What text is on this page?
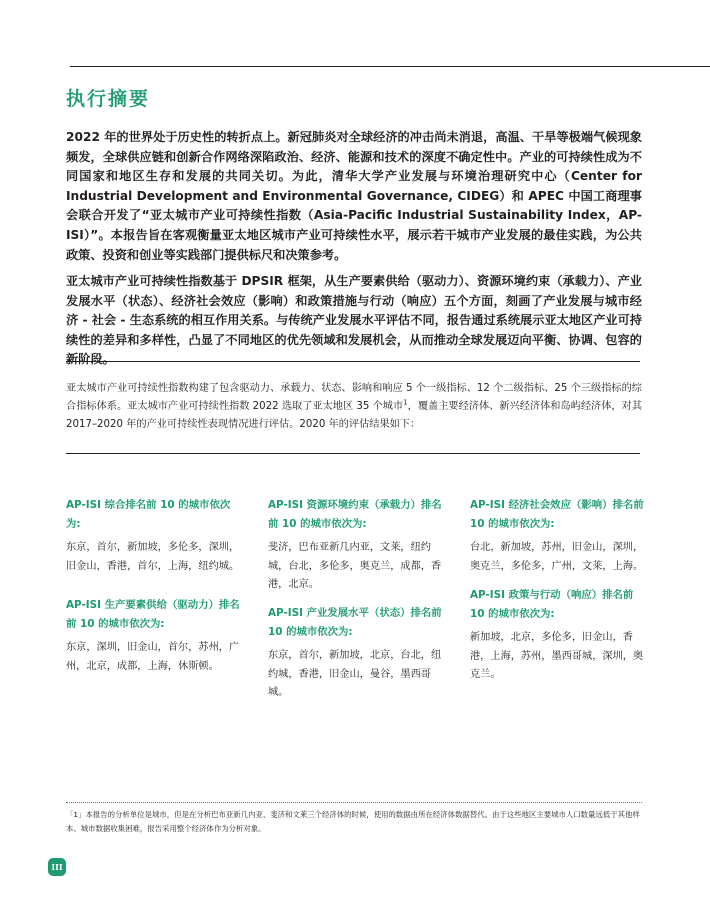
执行摘要

2022 年的世界处于历史性的转折点上。新冠肺炎对全球经济的冲击尚未消退，高温、干旱等极端气候现象频发，全球供应链和创新合作网络深陷政治、经济、能源和技术的深度不确定性中。产业的可持续性成为不同国家和地区生存和发展的共同关切。为此，清华大学产业发展与环境治理研究中心（Center for Industrial Development and Environmental Governance, CIDEG）和 APEC 中国工商理事会联合开发了“亚太城市产业可持续性指数（Asia-Pacific Industrial Sustainability Index，AP-ISI）”。本报告旨在客观衡量亚太地区城市产业可持续性水平，展示若干城市产业发展的最佳实践，为公共政策、投资和创业等实践部门提供标尺和决策参考。

亚太城市产业可持续性指数基于 DPSIR 框架，从生产要素供给（驱动力）、资源环境约束（承载力）、产业发展水平（状态）、经济社会效应（影响）和政策措施与行动（响应）五个方面，刻画了产业发展与城市经济 - 社会 - 生态系统的相互作用关系。与传统产业发展水平评估不同，报告通过系统展示亚太地区产业可持续性的差异和多样性，凸显了不同地区的优先领域和发展机会，从而推动全球发展迈向平衡、协调、包容的新阶段。

亚太城市产业可持续性指数构建了包含驱动力、承载力、状态、影响和响应 5 个一级指标、12 个二级指标、25 个三级指标的综合指标体系。亚太城市产业可持续性指数 2022 选取了亚太地区 35 个城市$^1$，覆盖主要经济体、新兴经济体和岛屿经济体，对其 2017–2020 年的产业可持续性表现情况进行评估。2020 年的评估结果如下：

AP-ISI 综合排名前 10 的城市依次为:

东京，首尔，新加坡，多伦多，深圳，旧金山，香港，首尔，上海，纽约城。

AP-ISI 生产要素供给（驱动力）排名前 10 的城市依次为:

东京，深圳，旧金山，首尔，苏州，广州，北京，成都，上海，休斯顿。

AP-ISI 资源环境约束（承载力）排名前 10 的城市依次为:

斐济，巴布亚新几内亚，文莱，纽约城，台北，多伦多，奥克兰，成都，香港，北京。

AP-ISI 产业发展水平（状态）排名前 10 的城市依次为:

东京，首尔，新加坡，北京，台北，纽约城，香港，旧金山，曼谷，墨西哥城。

AP-ISI 经济社会效应（影响）排名前 10 的城市依次为:

台北，新加坡，苏州，旧金山，深圳，奥克兰，多伦多，广州，文莱，上海。

AP-ISI 政策与行动（响应）排名前 10 的城市依次为:

新加坡，北京，多伦多，旧金山，香港，上海，苏州，墨西哥城，深圳，奥克兰。

「1」本报告的分析单位是城市，但是在分析巴布亚新几内亚、斐济和文莱三个经济体的时候，使用的数据由所在经济体数据替代。由于这些地区主要城市人口数量远低于其他样本、城市数据收集困难，报告采用整个经济体作为分析对象。

III
